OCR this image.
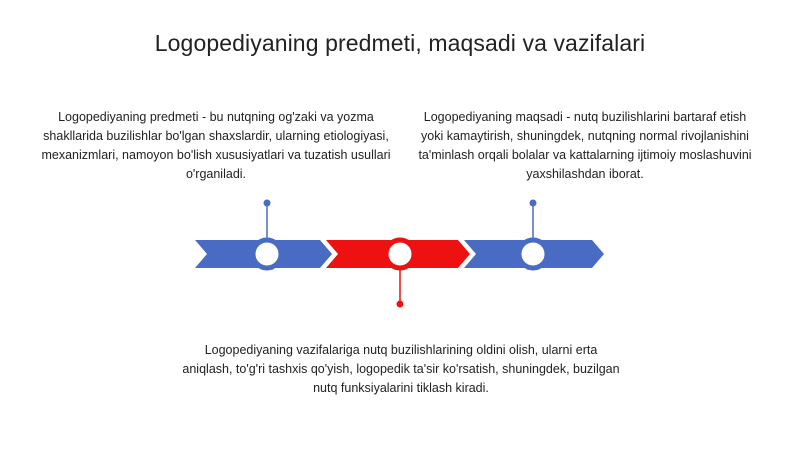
Logopediyaning predmeti, maqsadi va vazifalari
Logopediyaning predmeti - bu nutqning og'zaki va yozma shakllarida buzilishlar bo'lgan shaxslardir, ularning etiologiyasi, mexanizmlari, namoyon bo'lish xususiyatlari va tuzatish usullari o'rganiladi.
Logopediyaning maqsadi - nutq buzilishlarini bartaraf etish yoki kamaytirish, shuningdek, nutqning normal rivojlanishini ta'minlash orqali bolalar va kattalarning ijtimoiy moslashuvini yaxshilashdan iborat.
Logopediyaning vazifalariga nutq buzilishlarining oldini olish, ularni erta aniqlash, to'g'ri tashxis qo'yish, logopedik ta'sir ko'rsatish, shuningdek, buzilgan nutq funksiyalarini tiklash kiradi.
